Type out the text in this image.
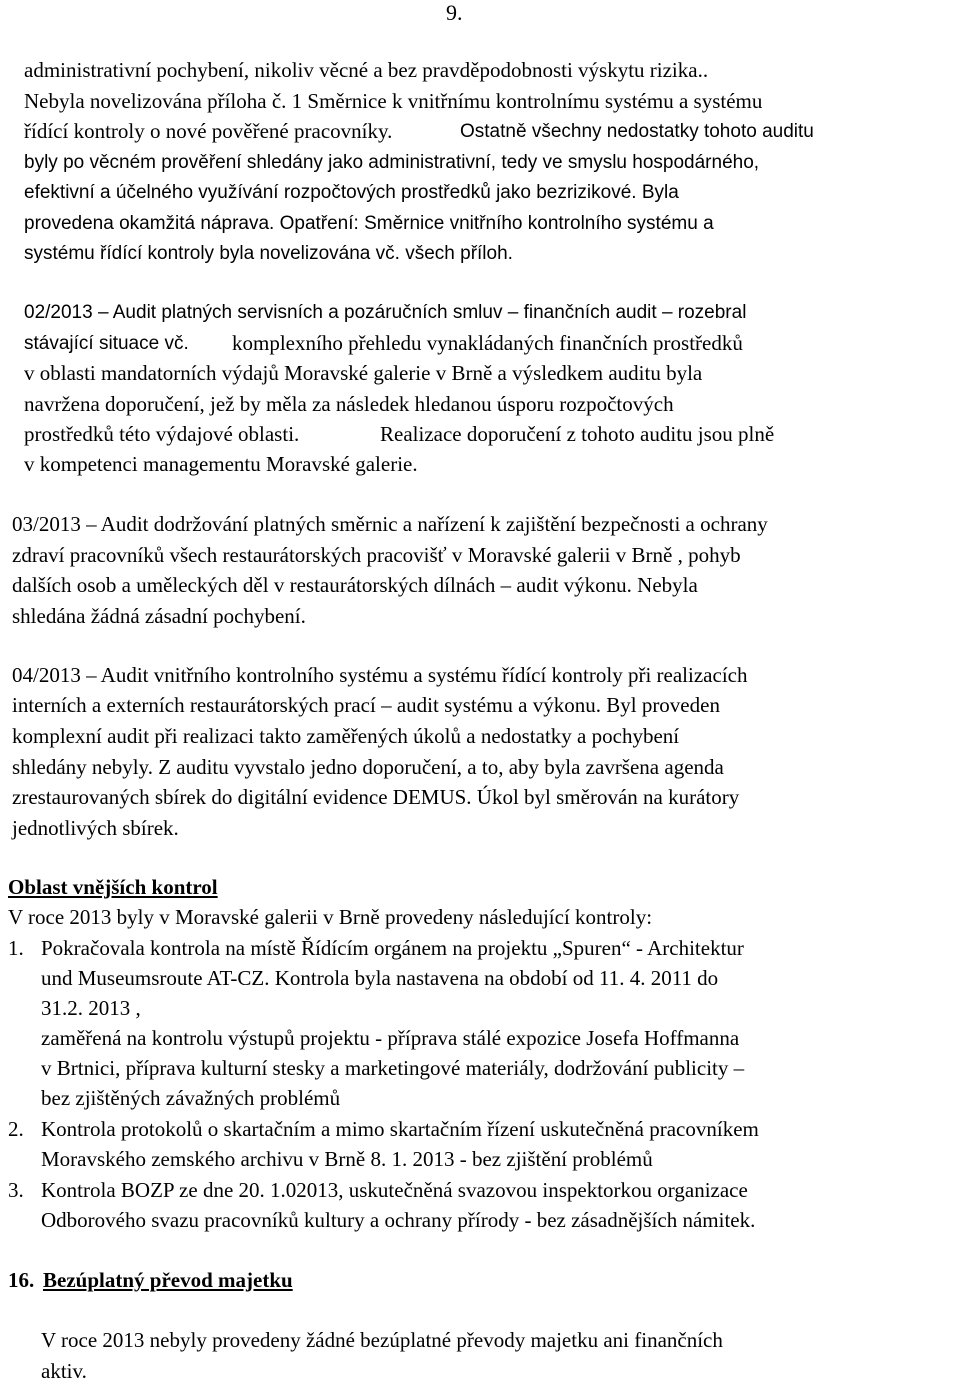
9.
administrativní pochybení, nikoliv věcné a bez pravděpodobnosti výskytu rizika..
Nebyla novelizována příloha č. 1 Směrnice k vnitřnímu kontrolnímu systému a systému
řídící kontroly o nové pověřené pracovníky.	Ostatně všechny nedostatky tohoto auditu
byly po věcném prověření shledány jako administrativní, tedy ve smyslu hospodárného,
efektivní a účelného využívání rozpočtových prostředků jako bezrizikové. Byla
provedena okamžitá náprava. Opatření: Směrnice vnitřního kontrolního systému a
systému řídící kontroly byla novelizována vč. všech příloh.
02/2013 – Audit platných servisních a pozáručních smluv – finančních audit – rozebral
stávající situace vč. komplexního přehledu vynakládaných finančních prostředků
v oblasti mandatorních výdajů Moravské galerie v Brně a výsledkem auditu byla
navržena doporučení, jež by měla za následek hledanou úsporu rozpočtových
prostředků této výdajové oblasti.	Realizace doporučení z tohoto auditu jsou plně
v kompetenci managementu Moravské galerie.
03/2013 – Audit dodržování platných směrnic a nařízení k zajištění bezpečnosti a ochrany
zdraví pracovníků všech restaurátorských pracovišť v Moravské galerii v Brně , pohyb
dalších osob a uměleckých děl v restaurátorských dílnách – audit výkonu. Nebyla
shledána žádná zásadní pochybení.
04/2013 – Audit vnitřního kontrolního systému a systému řídící kontroly při realizacích
interních a externích restaurátorských prací – audit systému a výkonu. Byl proveden
komplexní audit při realizaci takto zaměřených úkolů a nedostatky a pochybení
shledány nebyly. Z auditu vyvstalo jedno doporučení, a to, aby byla završena agenda
zrestaurovaných sbírek do digitální evidence DEMUS. Úkol byl směrován na kurátory
jednotlivých sbírek.
Oblast vnějších kontrol
V roce 2013 byly v Moravské galerii v Brně provedeny následující kontroly:
1. Pokračovala kontrola na místě Řídícím orgánem na projektu „Spuren“ - Architektur
und Museumsroute AT-CZ. Kontrola byla nastavena na období od 11. 4. 2011 do
31.2. 2013 ,
zaměřená na kontrolu výstupů projektu - příprava stálé expozice Josefa Hoffmanna
v Brtnici, příprava kulturní stesky a marketingové materiály, dodržování publicity –
bez zjištěných závažných problémů
2. Kontrola protokolů o skartačním a mimo skartačním řízení uskutečněná pracovníkem
Moravského zemského archivu v Brně 8. 1. 2013 - bez zjištění problémů
3. Kontrola BOZP ze dne 20. 1.02013, uskutečněná svazovou inspektorkou organizace
Odborového svazu pracovníků kultury a ochrany přírody - bez zásadnějších námitek.
16. Bezúplatný převod majetku
V roce 2013 nebyly provedeny žádné bezúplatné převody majetku ani finančních
aktiv.
